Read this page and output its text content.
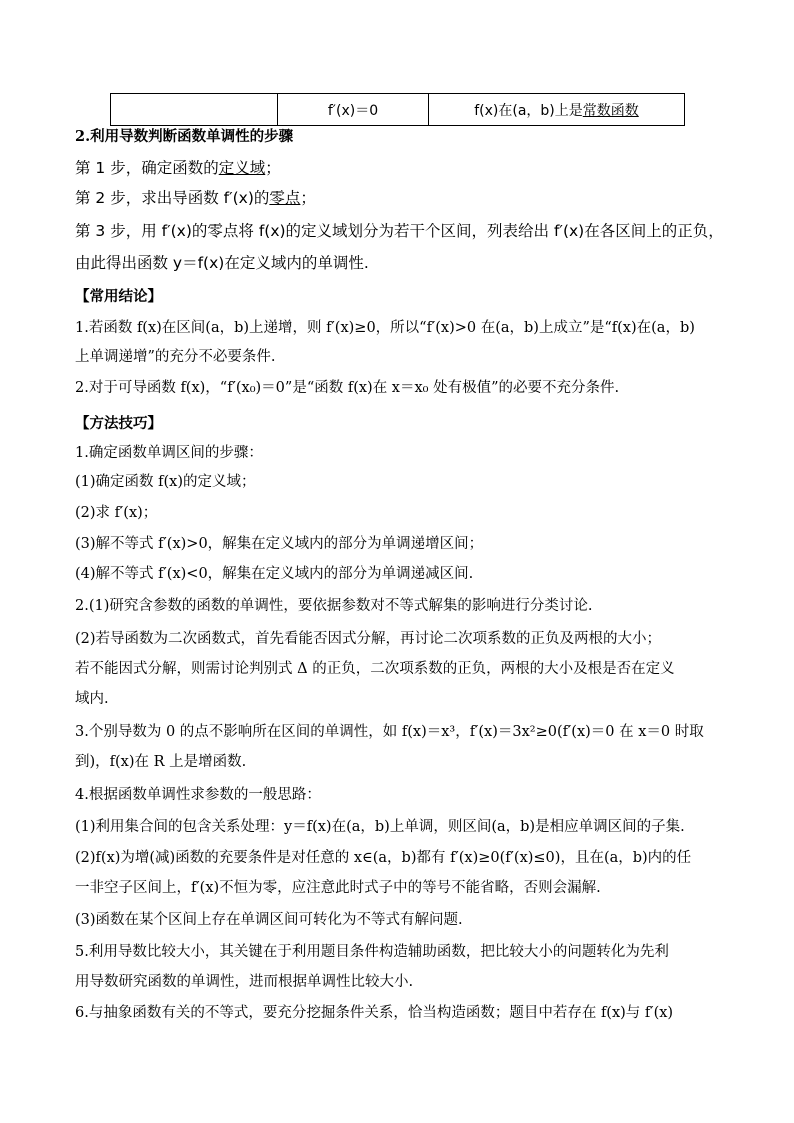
	f′(x)＝0	f(x)在(a，b)上是常数函数
2.利用导数判断函数单调性的步骤
第 1 步，确定函数的定义域；
第 2 步，求出导函数 f′(x)的零点；
第 3 步，用 f′(x)的零点将 f(x)的定义域划分为若干个区间，列表给出 f′(x)在各区间上的正负，
由此得出函数 y＝f(x)在定义域内的单调性.
【常用结论】
1.若函数 f(x)在区间(a，b)上递增，则 f′(x)≥0，所以“f′(x)>0 在(a，b)上成立”是“f(x)在(a，b)
上单调递增”的充分不必要条件.
2.对于可导函数 f(x)，“f′(x₀)＝0”是“函数 f(x)在 x＝x₀ 处有极值”的必要不充分条件.
【方法技巧】
1.确定函数单调区间的步骤：
(1)确定函数 f(x)的定义域；
(2)求 f′(x)；
(3)解不等式 f′(x)>0，解集在定义域内的部分为单调递增区间；
(4)解不等式 f′(x)<0，解集在定义域内的部分为单调递减区间.
2.(1)研究含参数的函数的单调性，要依据参数对不等式解集的影响进行分类讨论.
(2)若导函数为二次函数式，首先看能否因式分解，再讨论二次项系数的正负及两根的大小；
若不能因式分解，则需讨论判别式 Δ 的正负，二次项系数的正负，两根的大小及根是否在定义
域内.
3.个别导数为 0 的点不影响所在区间的单调性，如 f(x)＝x³，f′(x)＝3x²≥0(f′(x)＝0 在 x＝0 时取
到)，f(x)在 R 上是增函数.
4.根据函数单调性求参数的一般思路：
(1)利用集合间的包含关系处理：y＝f(x)在(a，b)上单调，则区间(a，b)是相应单调区间的子集.
(2)f(x)为增(减)函数的充要条件是对任意的 x∈(a，b)都有 f′(x)≥0(f′(x)≤0)，且在(a，b)内的任
一非空子区间上，f′(x)不恒为零，应注意此时式子中的等号不能省略，否则会漏解.
(3)函数在某个区间上存在单调区间可转化为不等式有解问题.
5.利用导数比较大小，其关键在于利用题目条件构造辅助函数，把比较大小的问题转化为先利
用导数研究函数的单调性，进而根据单调性比较大小.
6.与抽象函数有关的不等式，要充分挖掘条件关系，恰当构造函数；题目中若存在 f(x)与 f′(x)
